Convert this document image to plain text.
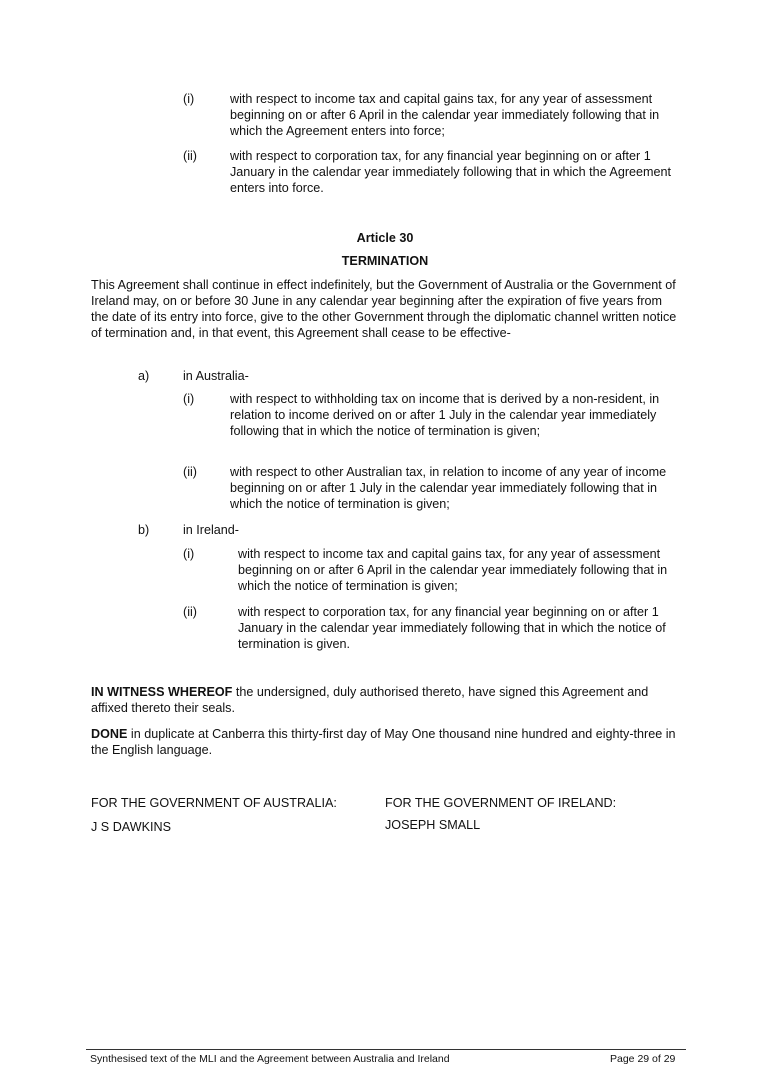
(i)	with respect to income tax and capital gains tax, for any year of assessment beginning on or after 6 April in the calendar year immediately following that in which the Agreement enters into force;
(ii)	with respect to corporation tax, for any financial year beginning on or after 1 January in the calendar year immediately following that in which the Agreement enters into force.
Article 30
TERMINATION
This Agreement shall continue in effect indefinitely, but the Government of Australia or the Government of Ireland may, on or before 30 June in any calendar year beginning after the expiration of five years from the date of its entry into force, give to the other Government through the diplomatic channel written notice of termination and, in that event, this Agreement shall cease to be effective-
a)	in Australia-
(i)	with respect to withholding tax on income that is derived by a non-resident, in relation to income derived on or after 1 July in the calendar year immediately following that in which the notice of termination is given;
(ii)	with respect to other Australian tax, in relation to income of any year of income beginning on or after 1 July in the calendar year immediately following that in which the notice of termination is given;
b)	in Ireland-
(i)	with respect to income tax and capital gains tax, for any year of assessment beginning on or after 6 April in the calendar year immediately following that in which the notice of termination is given;
(ii)	with respect to corporation tax, for any financial year beginning on or after 1 January in the calendar year immediately following that in which the notice of termination is given.
IN WITNESS WHEREOF the undersigned, duly authorised thereto, have signed this Agreement and affixed thereto their seals.
DONE in duplicate at Canberra this thirty-first day of May One thousand nine hundred and eighty-three in the English language.
FOR THE GOVERNMENT OF AUSTRALIA:	FOR THE GOVERNMENT OF IRELAND:
J S DAWKINS	JOSEPH SMALL
Synthesised text of the MLI and the Agreement between Australia and Ireland	Page 29 of 29
